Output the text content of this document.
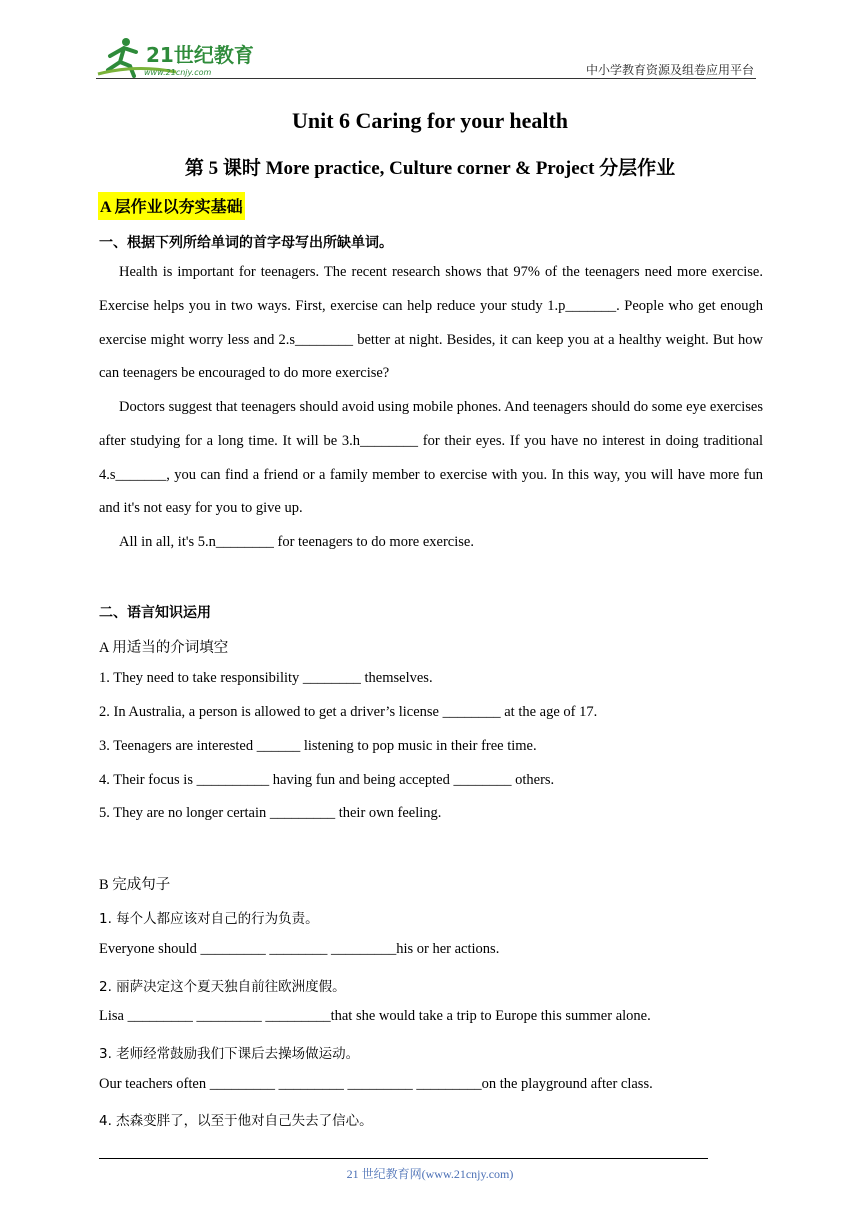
21世纪教育
www.21cnjy.com	中小学教育资源及组卷应用平台
Unit 6 Caring for your health
第 5 课时 More practice, Culture corner & Project 分层作业
A 层作业以夯实基础
一、根据下列所给单词的首字母写出所缺单词。

Health is important for teenagers. The recent research shows that 97% of the teenagers need more exercise. Exercise helps you in two ways. First, exercise can help reduce your study 1.p_______. People who get enough exercise might worry less and 2.s________ better at night. Besides, it can keep you at a healthy weight. But how can teenagers be encouraged to do more exercise?

Doctors suggest that teenagers should avoid using mobile phones. And teenagers should do some eye exercises after studying for a long time. It will be 3.h________ for their eyes. If you have no interest in doing traditional 4.s_______, you can find a friend or a family member to exercise with you. In this way, you will have more fun and it's not easy for you to give up.

All in all, it's 5.n________ for teenagers to do more exercise.

二、语言知识运用
A 用适当的介词填空
1. They need to take responsibility ________ themselves.
2. In Australia, a person is allowed to get a driver’s license ________ at the age of 17.
3. Teenagers are interested ______ listening to pop music in their free time.
4. Their focus is __________ having fun and being accepted ________ others.
5. They are no longer certain _________ their own feeling.
B 完成句子
1. 每个人都应该对自己的行为负责。
Everyone should _________ ________ _________his or her actions.
2. 丽萨决定这个夏天独自前往欧洲度假。
Lisa _________ _________ _________that she would take a trip to Europe this summer alone.
3. 老师经常鼓励我们下课后去操场做运动。
Our teachers often _________ _________ _________ _________on the playground after class.
4. 杰森变胖了，以至于他对自己失去了信心。
21 世纪教育网(www.21cnjy.com)
